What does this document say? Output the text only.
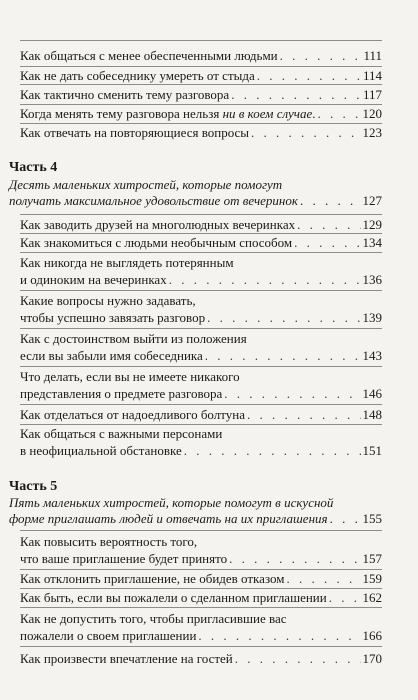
Как общаться с менее обеспеченными людьми . . .	111
Как не дать собеседнику умереть от стыда . . .	114
Как тактично сменить тему разговора . . .	117
Когда менять тему разговора нельзя ни в коем случае. . . .	120
Как отвечать на повторяющиеся вопросы . . .	123
Часть 4
Десять маленьких хитростей, которые помогут
получать максимальное удовольствие от вечеринок . . .	127
Как заводить друзей на многолюдных вечеринках . . .	129
Как знакомиться с людьми необычным способом . . .	134
Как никогда не выглядеть потерянным
и одиноким на вечеринках . . .	136
Какие вопросы нужно задавать,
чтобы успешно завязать разговор . . .	139
Как с достоинством выйти из положения
если вы забыли имя собеседника . . .	143
Что делать, если вы не имеете никакого
представления о предмете разговора . . .	146
Как отделаться от надоедливого болтуна . . .	148
Как общаться с важными персонами
в неофициальной обстановке . . .	151
Часть 5
Пять маленьких хитростей, которые помогут в искусной
форме приглашать людей и отвечать на их приглашения . . .	155
Как повысить вероятность того,
что ваше приглашение будет принято . . .	157
Как отклонить приглашение, не обидев отказом . . .	159
Как быть, если вы пожалели о сделанном приглашении . . .	162
Как не допустить того, чтобы пригласившие вас
пожалели о своем приглашении . . .	166
Как произвести впечатление на гостей . . .	170
